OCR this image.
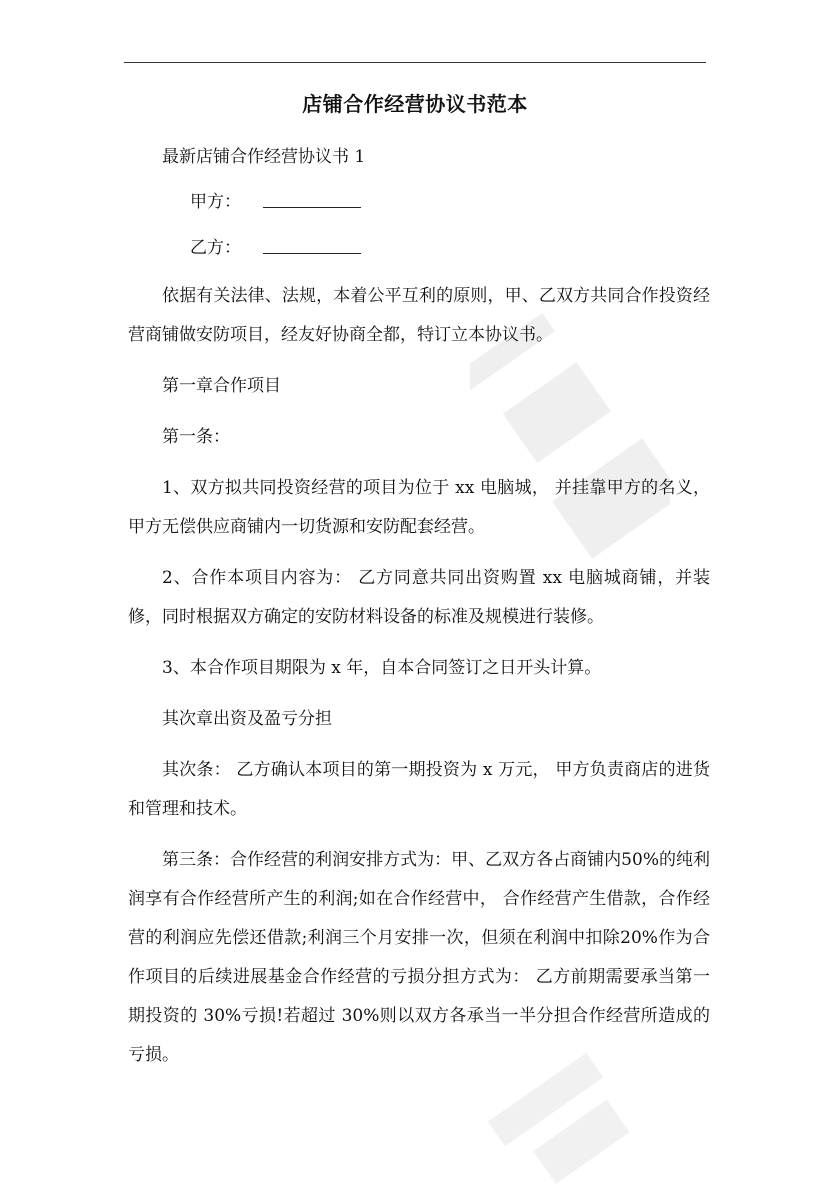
店铺合作经营协议书范本

最新店铺合作经营协议书 1

甲方：
乙方：

依据有关法律、法规，本着公平互利的原则，甲、乙双方共同合作投资经营商铺做安防项目，经友好协商全都，特订立本协议书。

第一章合作项目

第一条：

1、双方拟共同投资经营的项目为位于 xx 电脑城， 并挂靠甲方的名义，甲方无偿供应商铺内一切货源和安防配套经营。

2、合作本项目内容为： 乙方同意共同出资购置 xx 电脑城商铺，并装修，同时根据双方确定的安防材料设备的标准及规模进行装修。

3、本合作项目期限为 x 年，自本合同签订之日开头计算。

其次章出资及盈亏分担

其次条： 乙方确认本项目的第一期投资为 x 万元， 甲方负责商店的进货和管理和技术。

第三条：合作经营的利润安排方式为：甲、乙双方各占商铺内50%的纯利润享有合作经营所产生的利润;如在合作经营中， 合作经营产生借款，合作经营的利润应先偿还借款;利润三个月安排一次，但须在利润中扣除20%作为合作项目的后续进展基金合作经营的亏损分担方式为： 乙方前期需要承当第一期投资的 30%亏损!若超过 30%则以双方各承当一半分担合作经营所造成的亏损。
